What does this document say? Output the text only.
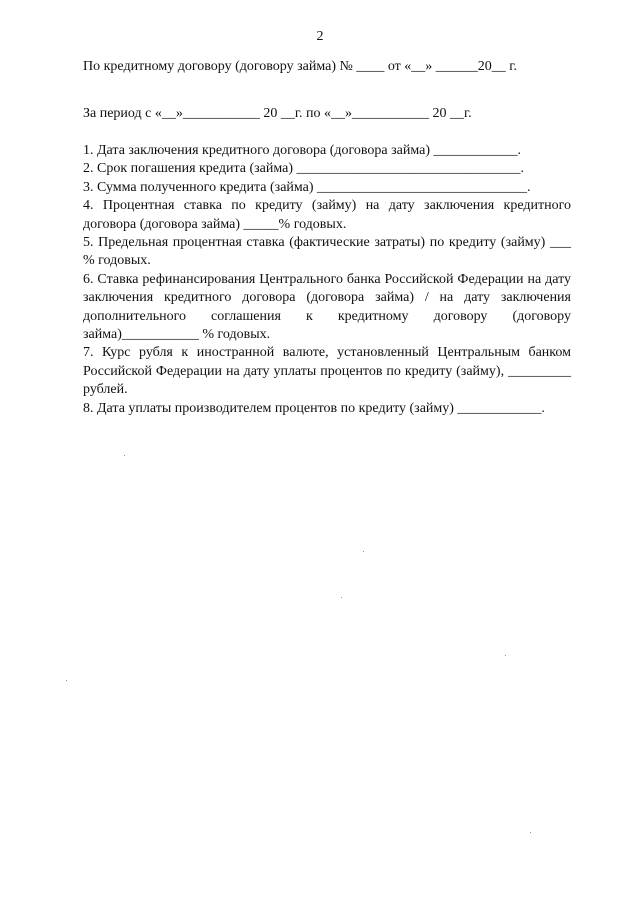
2
По кредитному договору (договору займа) № ____ от «__» ______20__ г.
За период с «__»___________ 20 __г. по «__»___________ 20 __г.

1. Дата заключения кредитного договора (договора займа) ____________.

2. Срок погашения кредита (займа) ________________________________.

3. Сумма полученного кредита (займа) ______________________________.

4. Процентная ставка по кредиту (займу) на дату заключения кредитного договора (договора займа) _____% годовых.

5. Предельная процентная ставка (фактические затраты) по кредиту (займу) ___ % годовых.

6. Ставка рефинансирования Центрального банка Российской Федерации на дату заключения кредитного договора (договора займа) / на дату заключения дополнительного соглашения к кредитному договору (договору займа)___________ % годовых.

7. Курс рубля к иностранной валюте, установленный Центральным банком Российской Федерации на дату уплаты процентов по кредиту (займу), _________ рублей.

8. Дата уплаты производителем процентов по кредиту (займу) ____________.
